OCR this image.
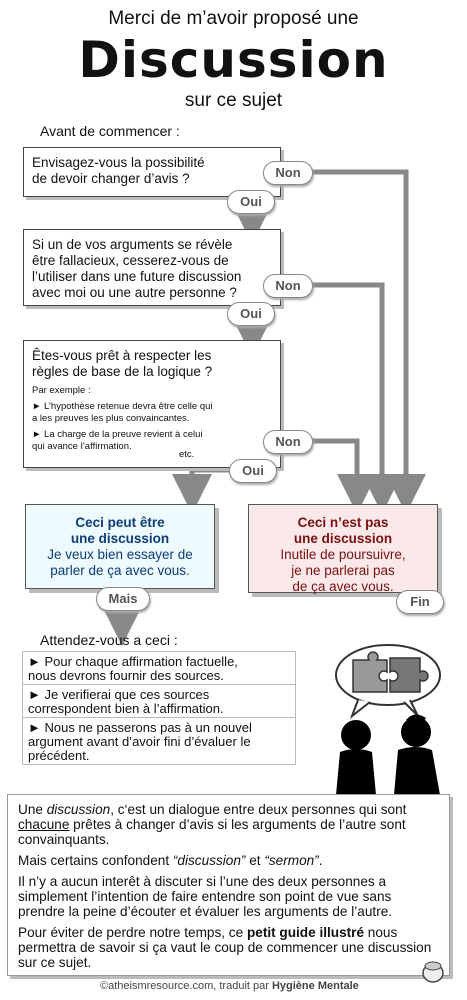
Merci de m’avoir proposé une
Discussion
sur ce sujet
Avant de commencer :
Envisagez-vous la possibilité
de devoir changer d’avis ?
Si un de vos arguments se révèle
être fallacieux, cesserez-vous de
l’utiliser dans une future discussion
avec moi ou une autre personne ?
Êtes-vous prêt à respecter les
règles de base de la logique ?
Par exemple :
► L’hypothèse retenue devra être celle qui
a les preuves les plus convaincantes.
► La charge de la preuve revient à celui
qui avance l’affirmation.
etc.
Non
Oui
Non
Oui
Non
Oui
Ceci peut être
une discussion
Je veux bien essayer de
parler de ça avec vous.
Ceci n’est pas
une discussion
Inutile de poursuivre,
je ne parlerai pas
de ça avec vous.
Mais	Fin
Attendez-vous a ceci :
► Pour chaque affirmation factuelle,
nous devrons fournir des sources.
► Je verifierai que ces sources
correspondent bien à l’affirmation.
► Nous ne passerons pas à un nouvel
argument avant d’avoir fini d’évaluer le
précédent.

Une discussion, c‘est un dialogue entre deux personnes qui sont chacune prêtes à changer d’avis si les arguments de l’autre sont convainquants.

Mais certains confondent “discussion” et “sermon”.

Il n’y a aucun interêt à discuter si l’une des deux personnes a simplement l’intention de faire entendre son point de vue sans prendre la peine d’écouter et évaluer les arguments de l’autre.

Pour éviter de perdre notre temps, ce petit guide illustré nous permettra de savoir si ça vaut le coup de commencer une discussion sur ce sujet.

©atheismresource.com, traduit par Hygiène Mentale
